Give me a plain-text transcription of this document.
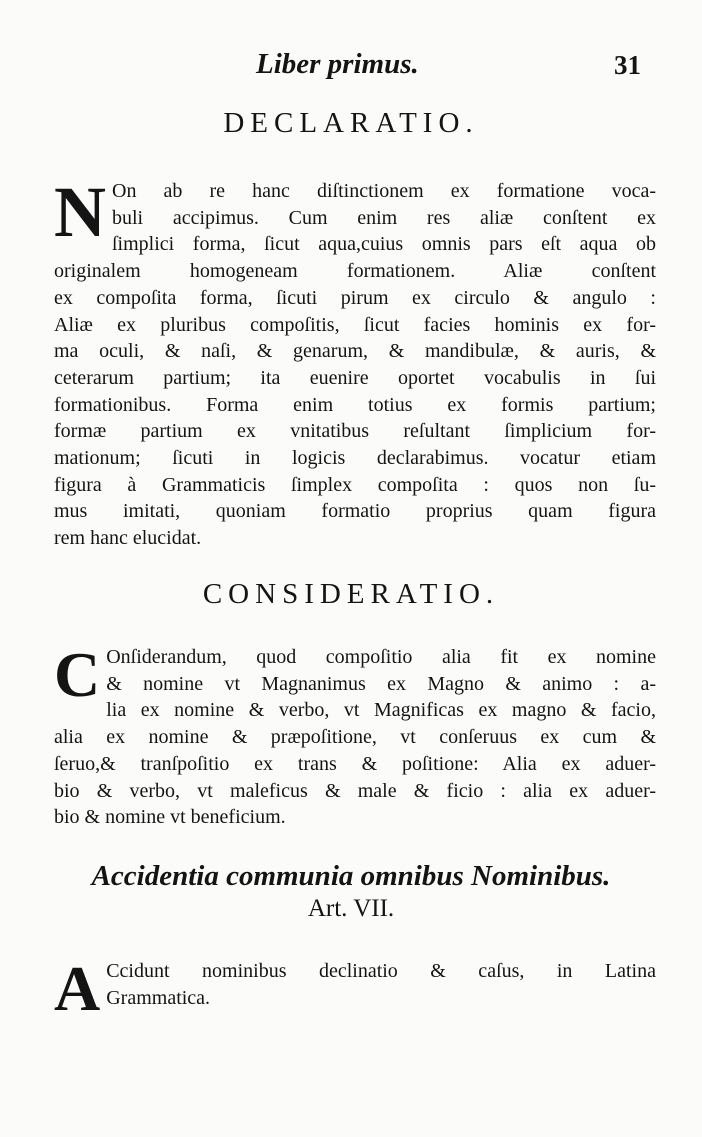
Liber primus.	31
DECLARATIO.
N On ab re hanc diſtinctionem ex formatione voca-
buli accipimus. Cum enim res aliæ conſtent ex
ſimplici forma, ſicut aqua,cuius omnis pars eſt aqua ob
originalem homogeneam formationem. Aliæ conſtent
ex compoſita forma, ſicuti pirum ex circulo & angulo :
Aliæ ex pluribus compoſitis, ſicut facies hominis ex for-
ma oculi, & naſi, & genarum, & mandibulæ, & auris, &
ceterarum partium; ita euenire oportet vocabulis in ſui
formationibus. Forma enim totius ex formis partium;
formæ partium ex vnitatibus reſultant ſimplicium for-
mationum; ſicuti in logicis declarabimus. vocatur etiam
figura à Grammaticis ſimplex compoſita : quos non ſu-
mus imitati, quoniam formatio proprius quam figura
rem hanc elucidat.
CONSIDERATIO.
C Onſiderandum, quod compoſitio alia fit ex nomine
& nomine vt Magnanimus ex Magno & animo : a-
lia ex nomine & verbo, vt Magnificas ex magno & facio,
alia ex nomine & præpoſitione, vt conſeruus ex cum &
ſeruo,& tranſpoſitio ex trans & poſitione: Alia ex aduer-
bio & verbo, vt maleficus & male & ficio : alia ex aduer-
bio & nomine vt beneficium.
Accidentia communia omnibus Nominibus.
Art. VII.
A Ccidunt nominibus declinatio & caſus, in Latina
Grammatica.
